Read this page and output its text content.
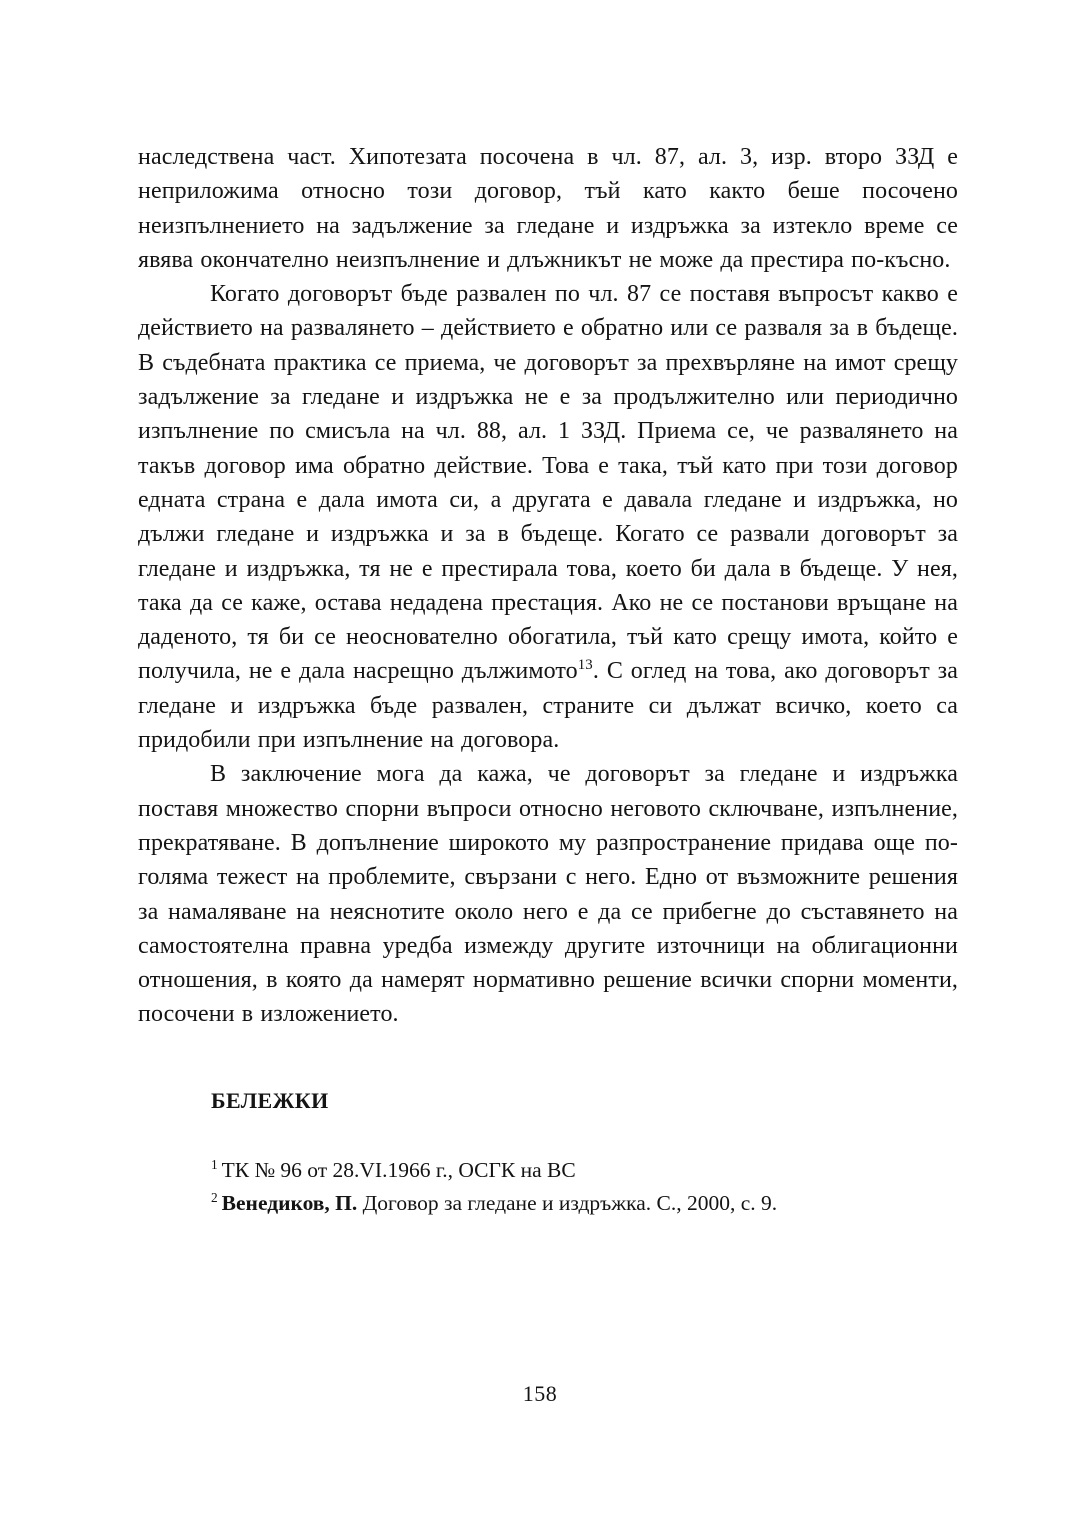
наследствена част. Хипотезата посочена в чл. 87, ал. 3, изр. второ ЗЗД е неприложима относно този договор, тъй като както беше посочено неизпълнението на задължение за гледане и издръжка за изтекло време се явява окончателно неизпълнение и длъжникът не може да престира по-късно.

Когато договорът бъде развален по чл. 87 се поставя въпросът какво е действието на развалянето – действието е обратно или се разваля за в бъдеще. В съдебната практика се приема, че договорът за прехвърляне на имот срещу задължение за гледане и издръжка не е за продължително или периодично изпълнение по смисъла на чл. 88, ал. 1 ЗЗД. Приема се, че развалянето на такъв договор има обратно действие. Това е така, тъй като при този договор едната страна е дала имота си, а другата е давала гледане и издръжка, но дължи гледане и издръжка и за в бъдеще. Когато се развали договорът за гледане и издръжка, тя не е престирала това, което би дала в бъдеще. У нея, така да се каже, остава недадена престация. Ако не се постанови връщане на даденото, тя би се неоснователно обогатила, тъй като срещу имота, който е получила, не е дала насрещно дължимото$^{13}$. С оглед на това, ако договорът за гледане и издръжка бъде развален, страните си дължат всичко, което са придобили при изпълнение на договора.

В заключение мога да кажа, че договорът за гледане и издръжка поставя множество спорни въпроси относно неговото сключване, изпълнение, прекратяване. В допълнение широкото му разпространение придава още по-голяма тежест на проблемите, свързани с него. Едно от възможните решения за намаляване на неяснотите около него е да се прибегне до съставянето на самостоятелна правна уредба измежду другите източници на облигационни отношения, в която да намерят нормативно решение всички спорни моменти, посочени в изложението.

БЕЛЕЖКИ

$^1$ ТК № 96 от 28.VI.1966 г., ОСГК на ВС

$^2$ Венедиков, П. Договор за гледане и издръжка. С., 2000, с. 9.

158
